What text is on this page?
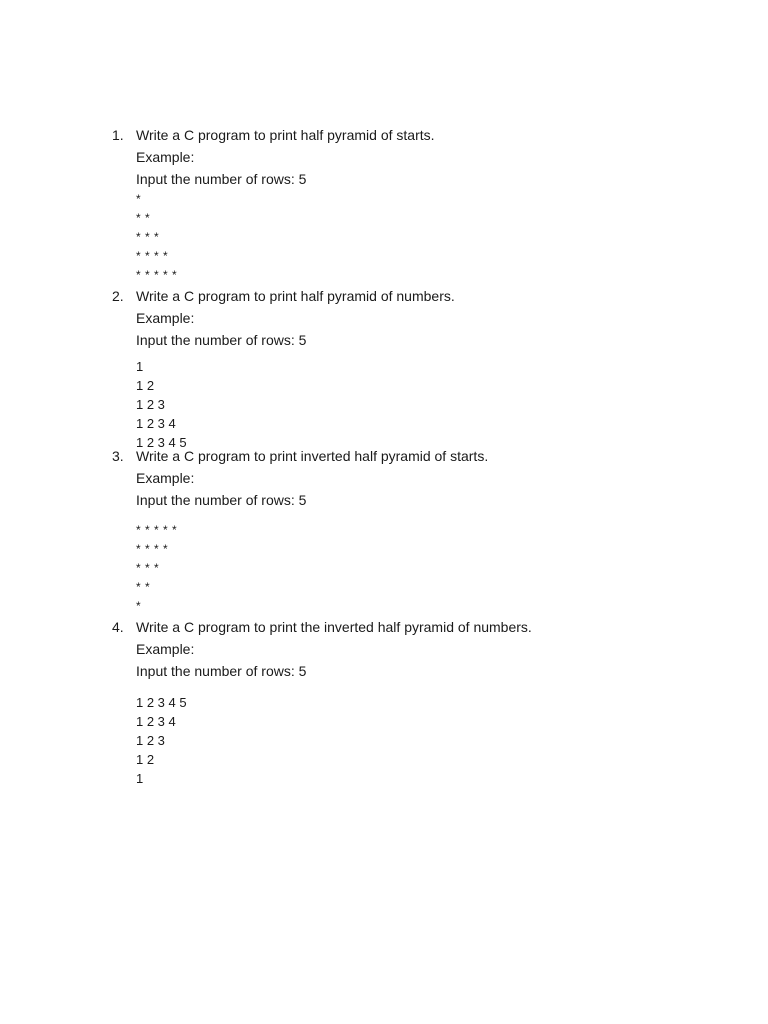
1. Write a C program to print half pyramid of starts.
Example:
Input the number of rows: 5
*
* *
* * *
* * * *
* * * * *
2. Write a C program to print half pyramid of numbers.
Example:
Input the number of rows: 5
1
1 2
1 2 3
1 2 3 4
1 2 3 4 5
3. Write a C program to print inverted half pyramid of starts.
Example:
Input the number of rows: 5
* * * * *
* * * *
* * *
* *
*
4. Write a C program to print the inverted half pyramid of numbers.
Example:
Input the number of rows: 5
1 2 3 4 5
1 2 3 4
1 2 3
1 2
1
